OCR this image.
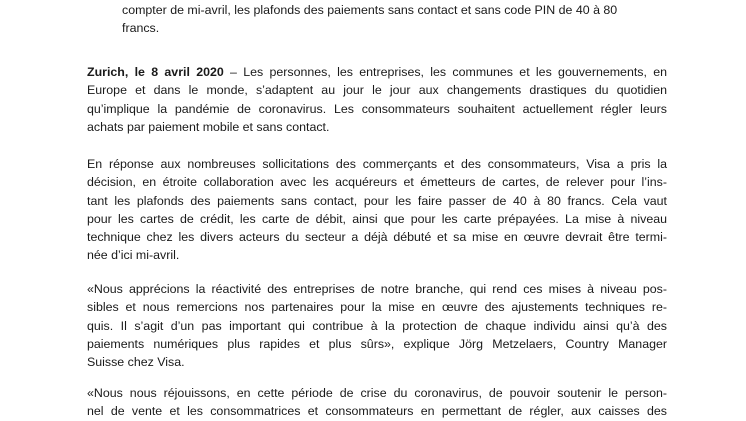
compter de mi-avril, les plafonds des paiements sans contact et sans code PIN de 40 à 80
francs.
Zurich, le 8 avril 2020 – Les personnes, les entreprises, les communes et les gouvernements, en
Europe et dans le monde, s’adaptent au jour le jour aux changements drastiques du quotidien
qu’implique la pandémie de coronavirus. Les consommateurs souhaitent actuellement régler leurs
achats par paiement mobile et sans contact.
En réponse aux nombreuses sollicitations des commerçants et des consommateurs, Visa a pris la
décision, en étroite collaboration avec les acquéreurs et émetteurs de cartes, de relever pour l’ins-
tant les plafonds des paiements sans contact, pour les faire passer de 40 à 80 francs. Cela vaut
pour les cartes de crédit, les carte de débit, ainsi que pour les carte prépayées. La mise à niveau
technique chez les divers acteurs du secteur a déjà débuté et sa mise en œuvre devrait être termi-
née d’ici mi-avril.
«Nous apprécions la réactivité des entreprises de notre branche, qui rend ces mises à niveau pos-
sibles et nous remercions nos partenaires pour la mise en œuvre des ajustements techniques re-
quis. Il s’agit d’un pas important qui contribue à la protection de chaque individu ainsi qu’à des
paiements numériques plus rapides et plus sûrs», explique Jörg Metzelaers, Country Manager
Suisse chez Visa.
«Nous nous réjouissons, en cette période de crise du coronavirus, de pouvoir soutenir le person-
nel de vente et les consommatrices et consommateurs en permettant de régler, aux caisses des
